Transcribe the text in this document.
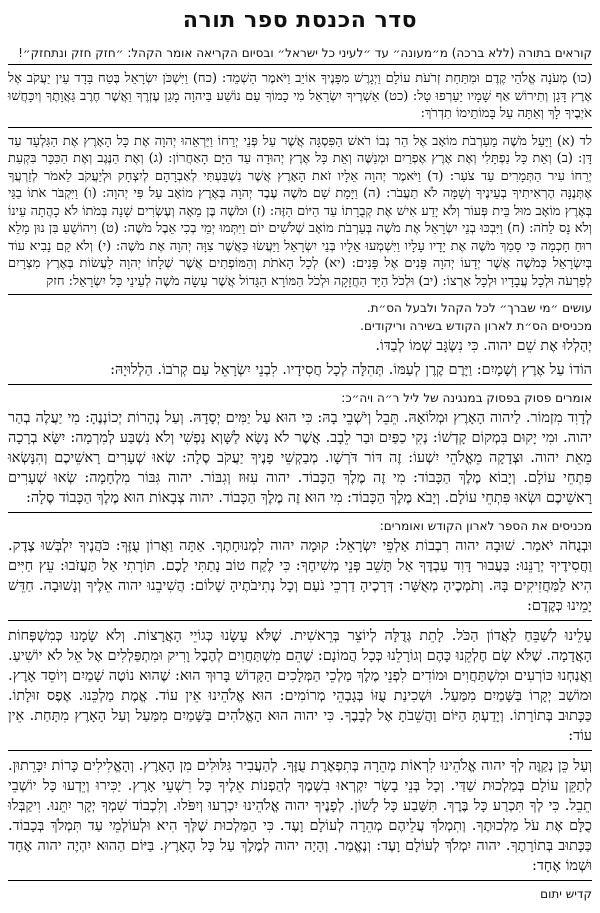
סדר הכנסת ספר תורה

קוראים בתורה (ללא ברכה) מ״מעונה״ עד ״לעיני כל ישראל״ ובסיום הקריאה אומר הקהל: ״חזק חזק ונתחזק״!

(כו) מְעֹנָה אֱלֹהֵי קֶדֶם וּמִתַּחַת זְרֹעֹת עוֹלָם וַיְגָרֶשׁ מִפָּנֶיךָ אוֹיֵב וַיֹּאמֶר הַשְׁמֵד: (כח) וַיִּשְׁכֹּן יִשְׂרָאֵל בֶּטַח בָּדָד עֵין יַעֲקֹב אֶל אֶרֶץ דָּגָן וְתִירוֹשׁ אַף שָׁמָיו יַעַרְפוּ טָל: (כט) אַשְׁרֶיךָ יִשְׂרָאֵל מִי כָמוֹךָ עַם נוֹשַׁע בַּיהוָה מָגֵן עֶזְרֶךָ וַאֲשֶׁר חֶרֶב גַּאֲוָתֶךָ וְיִכָּחֲשׁוּ אֹיְבֶיךָ לָךְ וְאַתָּה עַל בָּמוֹתֵימוֹ תִדְרֹךְ:

לד (א) וַיַּעַל מֹשֶׁה מֵעַרְבֹת מוֹאָב אֶל הַר נְבוֹ רֹאשׁ הַפִּסְגָּה אֲשֶׁר עַל פְּנֵי יְרֵחוֹ וַיַּרְאֵהוּ יְהוָה אֶת כָּל הָאָרֶץ אֶת הַגִּלְעָד עַד דָּן: (ב) וְאֵת כָּל נַפְתָּלִי וְאֶת אֶרֶץ אֶפְרַיִם וּמְנַשֶּׁה וְאֵת כָּל אֶרֶץ יְהוּדָה עַד הַיָּם הָאַחֲרוֹן: (ג) וְאֶת הַנֶּגֶב וְאֶת הַכִּכָּר בִּקְעַת יְרֵחוֹ עִיר הַתְּמָרִים עַד צֹעַר: (ד) וַיֹּאמֶר יְהוָה אֵלָיו זֹאת הָאָרֶץ אֲשֶׁר נִשְׁבַּעְתִּי לְאַבְרָהָם לְיִצְחָק וּלְיַעֲקֹב לֵאמֹר לְזַרְעֲךָ אֶתְּנֶנָּה הֶרְאִיתִיךָ בְעֵינֶיךָ וְשָׁמָּה לֹא תַעֲבֹר: (ה) וַיָּמָת שָׁם מֹשֶׁה עֶבֶד יְהוָה בְּאֶרֶץ מוֹאָב עַל פִּי יְהוָה: (ו) וַיִּקְבֹּר אֹתוֹ בַגַּי בְּאֶרֶץ מוֹאָב מוּל בֵּית פְּעוֹר וְלֹא יָדַע אִישׁ אֶת קְבֻרָתוֹ עַד הַיּוֹם הַזֶּה: (ז) וּמֹשֶׁה בֶּן מֵאָה וְעֶשְׂרִים שָׁנָה בְּמֹתוֹ לֹא כָהֲתָה עֵינוֹ וְלֹא נָס לֵחֹה: (ח) וַיִּבְכּוּ בְנֵי יִשְׂרָאֵל אֶת מֹשֶׁה בְּעַרְבֹת מוֹאָב שְׁלֹשִׁים יוֹם וַיִּתְּמוּ יְמֵי בְכִי אֵבֶל מֹשֶׁה: (ט) וִיהוֹשֻׁעַ בִּן נוּן מָלֵא רוּחַ חָכְמָה כִּי סָמַךְ מֹשֶׁה אֶת יָדָיו עָלָיו וַיִּשְׁמְעוּ אֵלָיו בְּנֵי יִשְׂרָאֵל וַיַּעֲשׂוּ כַּאֲשֶׁר צִוָּה יְהוָה אֶת מֹשֶׁה: (י) וְלֹא קָם נָבִיא עוֹד בְּיִשְׂרָאֵל כְּמֹשֶׁה אֲשֶׁר יְדָעוֹ יְהוָה פָּנִים אֶל פָּנִים: (יא) לְכָל הָאֹתֹת וְהַמּוֹפְתִים אֲשֶׁר שְׁלָחוֹ יְהוָה לַעֲשׂוֹת בְּאֶרֶץ מִצְרָיִם לְפַרְעֹה וּלְכָל עֲבָדָיו וּלְכָל אַרְצוֹ: (יב) וּלְכֹל הַיָּד הַחֲזָקָה וּלְכֹל הַמּוֹרָא הַגָּדוֹל אֲשֶׁר עָשָׂה מֹשֶׁה לְעֵינֵי כָּל יִשְׂרָאֵל: חזק

עושים ״מי שברך״ לכל הקהל ולבעל הס״ת.

מכניסים הס״ת לארון הקודש בשירה וריקודים.

יְהַלְלוּ אֶת שֵׁם יהוה. כִּי נִשְׂגָּב שְׁמוֹ לְבַדּוֹ.

הוֹדוֹ עַל אֶרֶץ וְשָׁמָיִם: וַיָּרֶם קֶרֶן לְעַמּוֹ. תְּהִלָּה לְכָל חֲסִידָיו. לִבְנֵי יִשְׂרָאֵל עַם קְרֹבוֹ. הַלְלוּיָהּ:

אומרים פסוק בפסוק במנגינה של ליל ר״ה ויה״כ:

לְדָוִד מִזְמוֹר. לַיהוה הָאָרֶץ וּמְלוֹאָהּ. תֵּבֵל וְיֹשְׁבֵי בָהּ: כִּי הוּא עַל יַמִּים יְסָדָהּ. וְעַל נְהָרוֹת יְכוֹנְנֶהָ: מִי יַעֲלֶה בְהַר יהוה. וּמִי יָקוּם בִּמְקוֹם קָדְשׁוֹ: נְקִי כַפַּיִם וּבַר לֵבָב. אֲשֶׁר לֹא נָשָׂא לַשָּׁוְא נַפְשִׁי וְלֹא נִשְׁבַּע לְמִרְמָה: יִשָּׂא בְרָכָה מֵאֵת יהוה. וּצְדָקָה מֵאֱלֹהֵי יִשְׁעוֹ: זֶה דּוֹר דֹּרְשָׁו. מְבַקְשֵׁי פָנֶיךָ יַעֲקֹב סֶלָה: שְׂאוּ שְׁעָרִים רָאשֵׁיכֶם וְהִנָּשְׂאוּ פִּתְחֵי עוֹלָם. וְיָבוֹא מֶלֶךְ הַכָּבוֹד: מִי זֶה מֶלֶךְ הַכָּבוֹד. יהוה עִזּוּז וְגִבּוֹר. יהוה גִּבּוֹר מִלְחָמָה: שְׂאוּ שְׁעָרִים רָאשֵׁיכֶם וּשְׂאוּ פִּתְחֵי עוֹלָם. וְיָבֹא מֶלֶךְ הַכָּבוֹד: מִי הוּא זֶה מֶלֶךְ הַכָּבוֹד. יהוה צְבָאוֹת הוּא מֶלֶךְ הַכָּבוֹד סֶלָה:

מכניסים את הספר לארון הקודש ואומרים:

וּבְנֻחֹה יֹאמַר. שׁוּבָה יהוה רִבְבוֹת אַלְפֵי יִשְׂרָאֵל: קוּמָה יהוה לִמְנוּחָתֶךָ. אַתָּה וַאֲרוֹן עֻזֶּךָ: כֹּהֲנֶיךָ יִלְבְּשׁוּ צֶדֶק. וַחֲסִידֶיךָ יְרַנֵּנוּ: בַּעֲבוּר דָּוִד עַבְדֶּךָ אַל תָּשֵׁב פְּנֵי מְשִׁיחֶךָ: כִּי לֶקַח טוֹב נָתַתִּי לָכֶם. תּוֹרָתִי אַל תַּעֲזֹבוּ: עֵץ חַיִּים הִיא לַמַּחֲזִיקִים בָּהּ. וְתֹמְכֶיהָ מְאֻשָּׁר: דְּרָכֶיהָ דַרְכֵי נֹעַם וְכָל נְתִיבֹתֶיהָ שָׁלוֹם: הֲשִׁיבֵנוּ יהוה אֵלֶיךָ וְנָשׁוּבָה. חַדֵּשׁ יָמֵינוּ כְּקֶדֶם:

עָלֵינוּ לְשַׁבֵּחַ לַאֲדוֹן הַכֹּל. לָתֵת גְּדֻלָּה לְיוֹצֵר בְּרֵאשִׁית. שֶׁלֹּא עָשָׂנוּ כְּגוֹיֵי הָאֲרָצוֹת. וְלֹא שָׂמָנוּ כְּמִשְׁפְּחוֹת הָאֲדָמָה. שֶׁלֹּא שָׂם חֶלְקֵנוּ כָּהֶם וְגוֹרָלֵנוּ כְּכָל הֲמוֹנָם: שֶׁהֵם מִשְׁתַּחֲוִים לְהֶבֶל וָרִיק וּמִתְפַּלְלִים אֶל אֵל לֹא יוֹשִׁיעַ. וַאֲנַחְנוּ כּוֹרְעִים וּמִשְׁתַּחֲוִים וּמוֹדִים לִפְנֵי מֶלֶךְ מַלְכֵי הַמְּלָכִים הַקָּדוֹשׁ בָּרוּךְ הוּא: שֶׁהוּא נוֹטֶה שָׁמַיִם וְיוֹסֵד אָרֶץ. וּמוֹשַׁב יְקָרוֹ בַּשָּׁמַיִם מִמַּעַל. וּשְׁכִינַת עֻזּוֹ בְּגָבְהֵי מְרוֹמִים: הוּא אֱלֹהֵינוּ אֵין עוֹד. אֱמֶת מַלְכֵּנוּ. אֶפֶס זוּלָתוֹ. כַּכָּתוּב בְּתוֹרָתוֹ. וְיָדַעְתָּ הַיּוֹם וַהֲשֵׁבֹתָ אֶל לְבָבֶךָ. כִּי יהוה הוּא הָאֱלֹהִים בַּשָּׁמַיִם מִמַּעַל וְעַל הָאָרֶץ מִתָּחַת. אֵין עוֹד:

וְעַל כֵּן נְקַוֶּה לְךָ יהוה אֱלֹהֵינוּ לִרְאוֹת מְהֵרָה בְּתִפְאֶרֶת עֻזֶּךָ. לְהַעֲבִיר גִּלּוּלִים מִן הָאָרֶץ. וְהָאֱלִילִים כָּרוֹת יִכָּרֵתוּן. לְתַקֵּן עוֹלָם בְּמַלְכוּת שַׁדַּי. וְכָל בְּנֵי בָשָׂר יִקְרְאוּ בִשְׁמֶךָ לְהַפְנוֹת אֵלֶיךָ כָּל רִשְׁעֵי אָרֶץ. יַכִּירוּ וְיֵדְעוּ כָּל יוֹשְׁבֵי תֵבֵל. כִּי לְךָ תִּכְרַע כָּל בֶּרֶךְ. תִּשָּׁבַע כָּל לָשׁוֹן. לְפָנֶיךָ יהוה אֱלֹהֵינוּ יִכְרְעוּ וְיִפֹּלוּ. וְלִכְבוֹד שִׁמְךָ יְקָר יִתֵּנוּ. וִיקַבְּלוּ כֻלָּם אֶת עֹל מַלְכוּתֶךָ. וְתִמְלֹךְ עֲלֵיהֶם מְהֵרָה לְעוֹלָם וָעֶד. כִּי הַמַּלְכוּת שֶׁלְּךָ הִיא וּלְעוֹלְמֵי עַד תִּמְלֹךְ בְּכָבוֹד. כַּכָּתוּב בְּתוֹרָתֶךָ. יהוה יִמְלֹךְ לְעוֹלָם וָעֶד: וְנֶאֱמַר. וְהָיָה יהוה לְמֶלֶךְ עַל כָּל הָאָרֶץ. בַּיּוֹם הַהוּא יִהְיֶה יהוה אֶחָד וּשְׁמוֹ אֶחָד:

קדיש יתום
